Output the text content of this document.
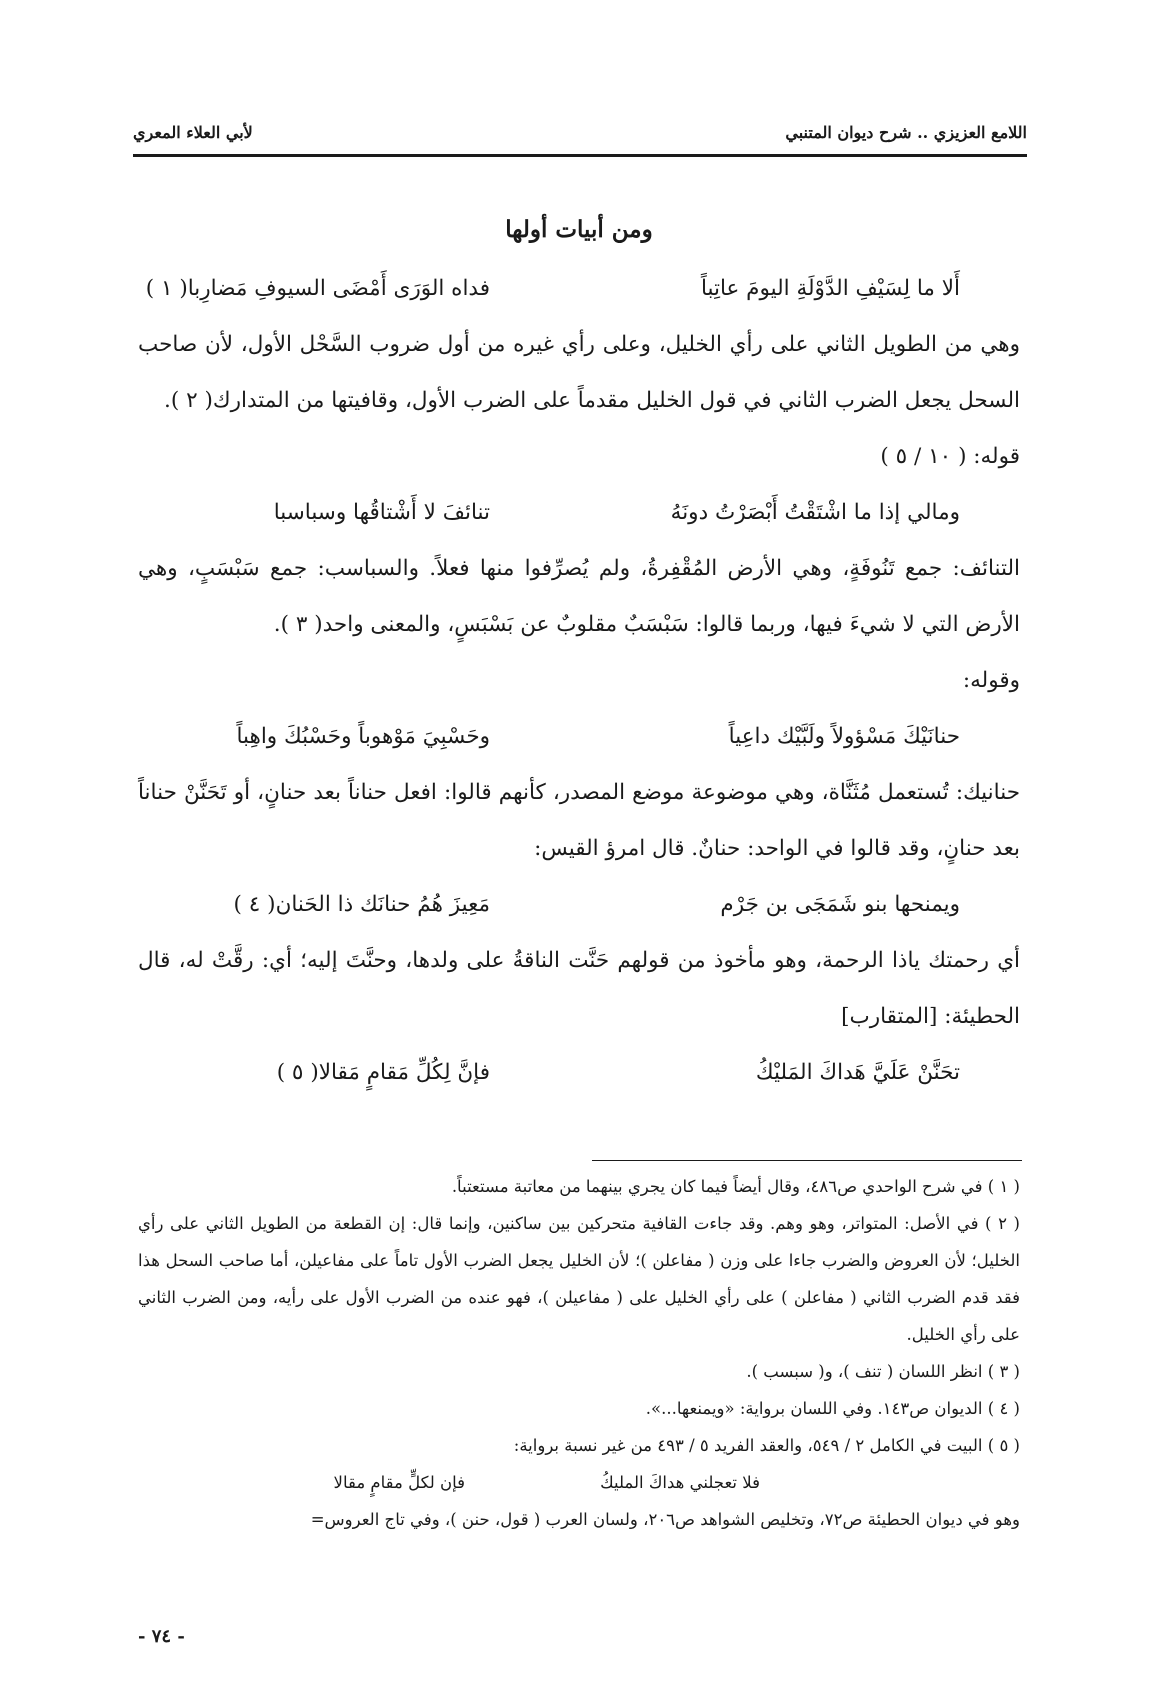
اللامع العزيزي .. شرح ديوان المتنبي
لأبي العلاء المعري
ومن أبيات أولها
أَلا ما لِسَيْفِ الدَّوْلَةِ اليومَ عاتِباً
فداه الوَرَى أَمْضَى السيوفِ مَضارِبا( ١ )

وهي من الطويل الثاني على رأي الخليل، وعلى رأي غيره من أول ضروب السَّحْل الأول، لأن صاحب السحل يجعل الضرب الثاني في قول الخليل مقدماً على الضرب الأول، وقافيتها من المتدارك( ٢ ).

قوله: ( ١٠ / ٥ )
ومالي إذا ما اشْتَقْتُ أَبْصَرْتُ دونَهُ
تنائفَ لا أَشْتاقُها وسباسبا

التنائف: جمع تَنُوفَةٍ، وهي الأرض المُقْفِرةُ، ولم يُصرِّفوا منها فعلاً. والسباسب: جمع سَبْسَبٍ، وهي الأرض التي لا شيءَ فيها، وربما قالوا: سَبْسَبٌ مقلوبٌ عن بَسْبَسٍ، والمعنى واحد( ٣ ).

وقوله:
حنانَيْكَ مَسْؤولاً ولَبَّيْك داعِياً
وحَسْبِيَ مَوْهوباً وحَسْبُكَ واهِباً

حنانيك: تُستعمل مُثَنَّاة، وهي موضوعة موضع المصدر، كأنهم قالوا: افعل حناناً بعد حنانٍ، أو تَحَنَّنْ حناناً بعد حنانٍ، وقد قالوا في الواحد: حنانٌ. قال امرؤ القيس:

ويمنحها بنو شَمَجَى بن جَرْم
مَعِيزَ هُمُ حنانَك ذا الحَنان( ٤ )

أي رحمتك ياذا الرحمة، وهو مأخوذ من قولهم حَنَّت الناقةُ على ولدها، وحنَّتَ إليه؛ أي: رقَّتْ له، قال الحطيئة: [المتقارب]

تحَنَّنْ عَلَيَّ هَداكَ المَليْكُ
فإنَّ لِكُلِّ مَقامٍ مَقالا( ٥ )

( ١ ) في شرح الواحدي ص٤٨٦، وقال أيضاً فيما كان يجري بينهما من معاتبة مستعتباً.

( ٢ ) في الأصل: المتواتر، وهو وهم. وقد جاءت القافية متحركين بين ساكنين، وإنما قال: إن القطعة من الطويل الثاني على رأي الخليل؛ لأن العروض والضرب جاءا على وزن ( مفاعلن )؛ لأن الخليل يجعل الضرب الأول تاماً على مفاعيلن، أما صاحب السحل هذا فقد قدم الضرب الثاني ( مفاعلن ) على رأي الخليل على ( مفاعيلن )، فهو عنده من الضرب الأول على رأيه، ومن الضرب الثاني على رأي الخليل.

( ٣ ) انظر اللسان ( تنف )، و( سبسب ).

( ٤ ) الديوان ص١٤٣. وفي اللسان برواية: «ويمنعها...».

( ٥ ) البيت في الكامل ٢ / ٥٤٩، والعقد الفريد ٥ / ٤٩٣ من غير نسبة برواية:

فلا تعجلني هداكَ المليكُ
فإن لكلٍّ مقامٍ مقالا

وهو في ديوان الحطيئة ص٧٢، وتخليص الشواهد ص٢٠٦، ولسان العرب ( قول، حنن )، وفي تاج العروس=

- ٧٤ -
